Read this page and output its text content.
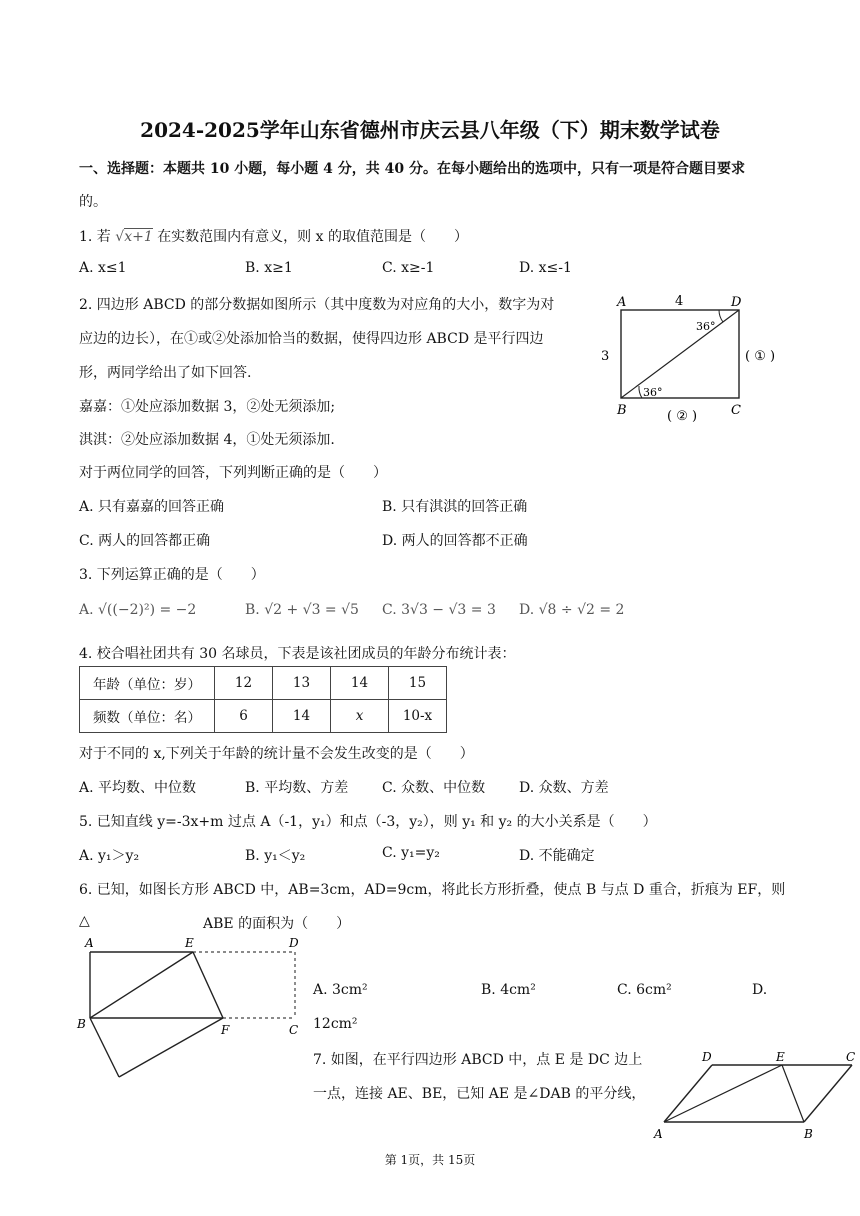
2024-2025学年山东省德州市庆云县八年级（下）期末数学试卷
一、选择题：本题共 10 小题，每小题 4 分，共 40 分。在每小题给出的选项中，只有一项是符合题目要求
的。
1. 若 √x+1 在实数范围内有意义，则 x 的取值范围是（　　）
A. x≤1	B. x≥1	C. x≥-1	D. x≤-1
2. 四边形 ABCD 的部分数据如图所示（其中度数为对应角的大小，数字为对
应边的边长），在①或②处添加恰当的数据，使得四边形 ABCD 是平行四边
形，两同学给出了如下回答.
嘉嘉：①处应添加数据 3，②处无须添加;
淇淇：②处应添加数据 4，①处无须添加.
对于两位同学的回答，下列判断正确的是（　　）
A. 只有嘉嘉的回答正确	B. 只有淇淇的回答正确
C. 两人的回答都正确	D. 两人的回答都不正确
A	D
B	C
4
3
36°
36°
( ① )
( ② )
3. 下列运算正确的是（　　）
A. √((−2)²) = −2	B. √2 + √3 = √5 C. 3√3 − √3 = 3 D. √8 ÷ √2 = 2
4. 校合唱社团共有 30 名球员，下表是该社团成员的年龄分布统计表：
年龄（单位：岁）	12	13	14	15
频数（单位：名）	6	14	x	10-x
对于不同的 x,下列关于年龄的统计量不会发生改变的是（　　）
A. 平均数、中位数	B. 平均数、方差 C. 众数、中位数 D. 众数、方差
5. 已知直线 y=-3x+m 过点 A（-1，y₁）和点（-3，y₂），则 y₁ 和 y₂ 的大小关系是（　　）
A. y₁＞y₂	B. y₁＜y₂	C. y₁=y₂	D. 不能确定
6. 已知，如图长方形 ABCD 中，AB=3cm，AD=9cm，将此长方形折叠，使点 B 与点 D 重合，折痕为 EF，则
△	ABE 的面积为（　　）
A	E	D
B	F	C
A. 3cm²	B. 4cm²	C. 6cm²	D.
12cm²
7. 如图，在平行四边形 ABCD 中，点 E 是 DC 边上
一点，连接 AE、BE，已知 AE 是∠DAB 的平分线，
D	E	C
A	B
第 1页，共 15页
